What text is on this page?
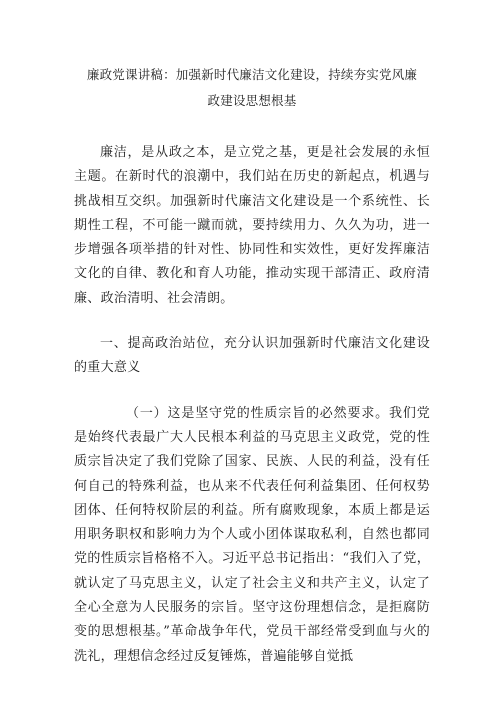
廉政党课讲稿：加强新时代廉洁文化建设，持续夯实党风廉
政建设思想根基

廉洁，是从政之本，是立党之基，更是社会发展的永恒主题。在新时代的浪潮中，我们站在历史的新起点，机遇与挑战相互交织。加强新时代廉洁文化建设是一个系统性、长期性工程，不可能一蹴而就，要持续用力、久久为功，进一步增强各项举措的针对性、协同性和实效性，更好发挥廉洁文化的自律、教化和育人功能，推动实现干部清正、政府清廉、政治清明、社会清朗。

一、提高政治站位，充分认识加强新时代廉洁文化建设的重大意义

（一）这是坚守党的性质宗旨的必然要求。我们党是始终代表最广大人民根本利益的马克思主义政党，党的性质宗旨决定了我们党除了国家、民族、人民的利益，没有任何自己的特殊利益，也从来不代表任何利益集团、任何权势团体、任何特权阶层的利益。所有腐败现象，本质上都是运用职务职权和影响力为个人或小团体谋取私利，自然也都同党的性质宗旨格格不入。习近平总书记指出：“我们入了党，就认定了马克思主义，认定了社会主义和共产主义，认定了全心全意为人民服务的宗旨。坚守这份理想信念，是拒腐防变的思想根基。”革命战争年代，党员干部经常受到血与火的洗礼，理想信念经过反复锤炼，普遍能够自觉抵
